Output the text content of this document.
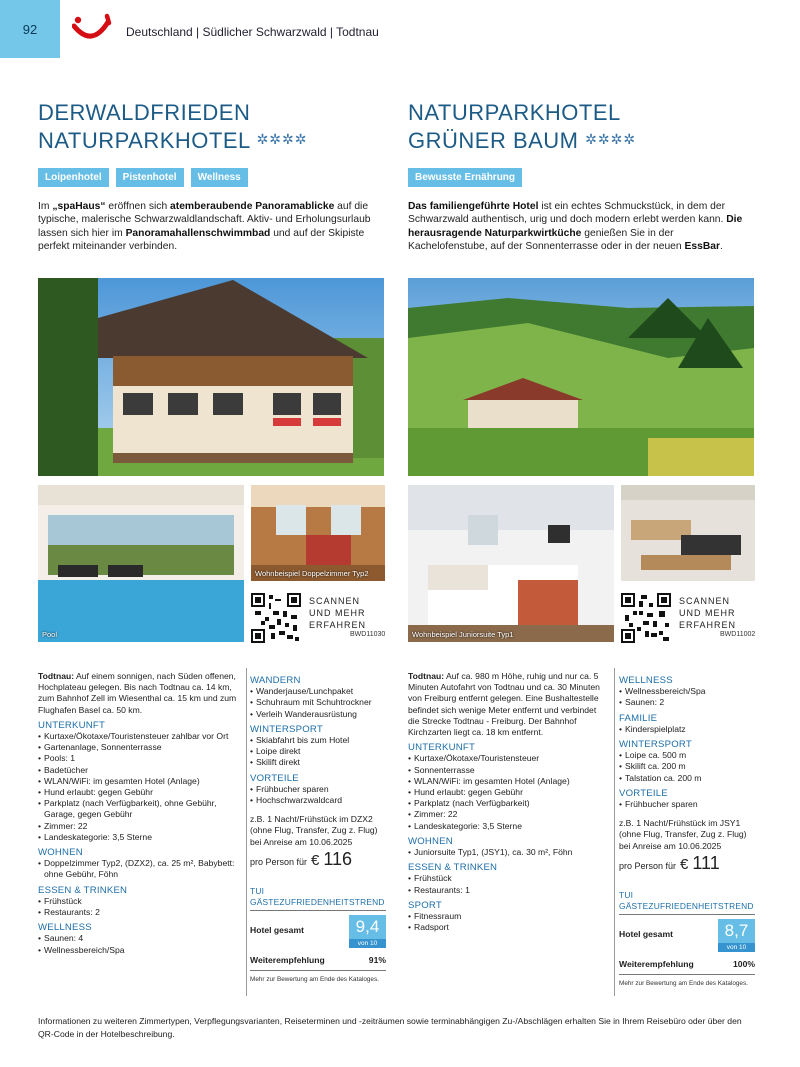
92	Deutschland | Südlicher Schwarzwald | Todtnau
DERWALDFRIEDEN
NATURPARKHOTEL ✲✲✲✲
Loipenhotel	Pistenhotel	Wellness
Im „spaHaus“ eröffnen sich atemberaubende Panoramablicke auf die typische, malerische Schwarzwaldlandschaft. Aktiv- und Erholungsurlaub lassen sich hier im Panoramahallenschwimmbad und auf der Skipiste perfekt miteinander verbinden.
NATURPARKHOTEL
GRÜNER BAUM ✲✲✲✲
Bewusste Ernährung
Das familiengeführte Hotel ist ein echtes Schmuckstück, in dem der Schwarzwald authentisch, urig und doch modern erlebt werden kann. Die herausragende Naturparkwirtküche genießen Sie in der Kachelofenstube, auf der Sonnenterrasse oder in der neuen EssBar.
Pool
Wohnbeispiel Doppelzimmer Typ2
SCANNEN
UND MEHR
ERFAHREN
BWD11030	Wohnbeispiel Juniorsuite Typ1
SCANNEN
UND MEHR
ERFAHREN
BWD11002

Todtnau: Auf einem sonnigen, nach Süden offenen, Hochplateau gelegen. Bis nach Todtnau ca. 14 km, zum Bahnhof Zell im Wiesenthal ca. 15 km und zum Flughafen Basel ca. 50 km.

UNTERKUNFT
• Kurtaxe/Ökotaxe/Touristensteuer zahlbar vor Ort
• Gartenanlage, Sonnenterrasse
• Pools: 1
• Badetücher
• WLAN/WiFi: im gesamten Hotel (Anlage)
• Hund erlaubt: gegen Gebühr
• Parkplatz (nach Verfügbarkeit), ohne Gebühr, Garage, gegen Gebühr
• Zimmer: 22
• Landeskategorie: 3,5 Sterne
WOHNEN
• Doppelzimmer Typ2, (DZX2), ca. 25 m², Babybett: ohne Gebühr, Föhn
ESSEN & TRINKEN
• Frühstück
• Restaurants: 2
WELLNESS
• Saunen: 4
• Wellnessbereich/Spa
WANDERN
• Wanderjause/Lunchpaket
• Schuhraum mit Schuhtrockner
• Verleih Wanderausrüstung
WINTERSPORT
• Skiabfahrt bis zum Hotel
• Loipe direkt
• Skilift direkt
VORTEILE
• Frühbucher sparen
• Hochschwarzwaldcard
z.B. 1 Nacht/Frühstück im DZX2 (ohne Flug, Transfer, Zug z. Flug) bei Anreise am 10.06.2025
pro Person für € 116
TUI GÄSTEZUFRIEDENHEITSTREND
Hotel gesamt	9,4
von 10
Weiterempfehlung	91%
Mehr zur Bewertung am Ende des Kataloges.

Todtnau: Auf ca. 980 m Höhe, ruhig und nur ca. 5 Minuten Autofahrt von Todtnau und ca. 30 Minuten von Freiburg entfernt gelegen. Eine Bushaltestelle befindet sich wenige Meter entfernt und verbindet die Strecke Todtnau - Freiburg. Der Bahnhof Kirchzarten liegt ca. 18 km entfernt.

UNTERKUNFT
• Kurtaxe/Ökotaxe/Touristensteuer
• Sonnenterrasse
• WLAN/WiFi: im gesamten Hotel (Anlage)
• Hund erlaubt: gegen Gebühr
• Parkplatz (nach Verfügbarkeit)
• Zimmer: 22
• Landeskategorie: 3,5 Sterne
WOHNEN
• Juniorsuite Typ1, (JSY1), ca. 30 m², Föhn
ESSEN & TRINKEN
• Frühstück
• Restaurants: 1
SPORT
• Fitnessraum
• Radsport
WELLNESS
• Wellnessbereich/Spa
• Saunen: 2
FAMILIE
• Kinderspielplatz
WINTERSPORT
• Loipe ca. 500 m
• Skilift ca. 200 m
• Talstation ca. 200 m
VORTEILE
• Frühbucher sparen
z.B. 1 Nacht/Frühstück im JSY1 (ohne Flug, Transfer, Zug z. Flug) bei Anreise am 10.06.2025
pro Person für € 111
TUI GÄSTEZUFRIEDENHEITSTREND
Hotel gesamt	8,7
von 10
Weiterempfehlung	100%
Mehr zur Bewertung am Ende des Kataloges.
Informationen zu weiteren Zimmertypen, Verpflegungsvarianten, Reiseterminen und -zeiträumen sowie terminabhängigen Zu-/Abschlägen erhalten Sie in Ihrem Reisebüro oder über den QR-Code in der Hotelbeschreibung.
